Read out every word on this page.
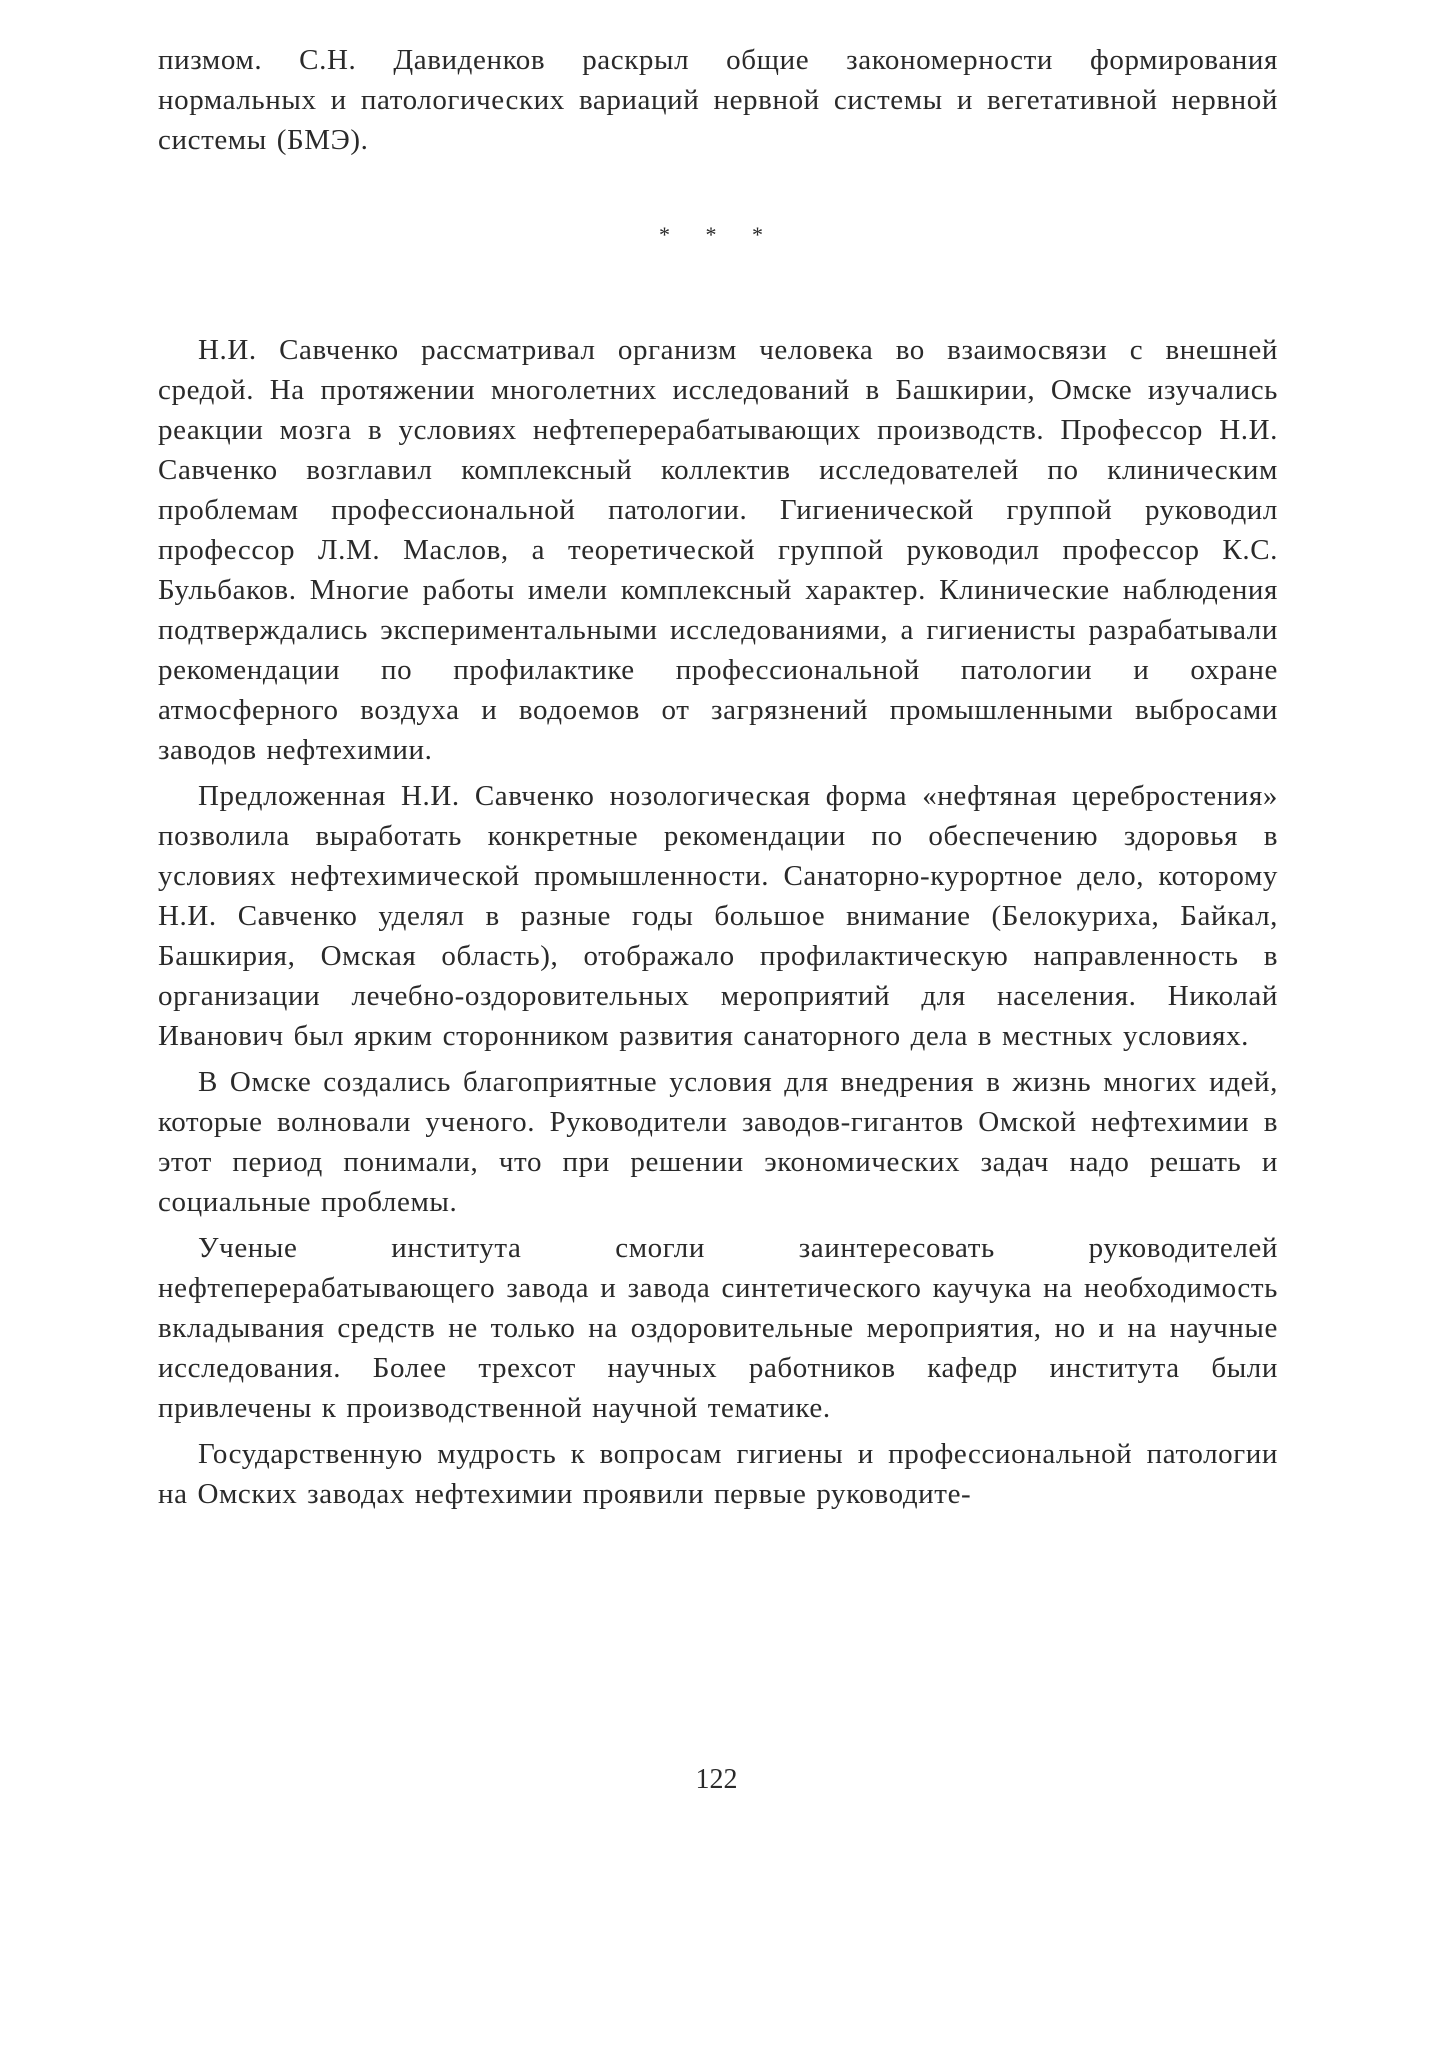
пизмом. С.Н. Давиденков раскрыл общие закономерности формирования нормальных и патологических вариаций нервной системы и вегетативной нервной системы (БМЭ).

* * *

Н.И. Савченко рассматривал организм человека во взаимосвязи с внешней средой. На протяжении многолетних исследований в Башкирии, Омске изучались реакции мозга в условиях нефтеперерабатывающих производств. Профессор Н.И. Савченко возглавил комплексный коллектив исследователей по клиническим проблемам профессиональной патологии. Гигиенической группой руководил профессор Л.М. Маслов, а теоретической группой руководил профессор К.С. Бульбаков. Многие работы имели комплексный характер. Клинические наблюдения подтверждались экспериментальными исследованиями, а гигиенисты разрабатывали рекомендации по профилактике профессиональной патологии и охране атмосферного воздуха и водоемов от загрязнений промышленными выбросами заводов нефтехимии.

Предложенная Н.И. Савченко нозологическая форма «нефтяная церебростения» позволила выработать конкретные рекомендации по обеспечению здоровья в условиях нефтехимической промышленности. Санаторно-курортное дело, которому Н.И. Савченко уделял в разные годы большое внимание (Белокуриха, Байкал, Башкирия, Омская область), отображало профилактическую направленность в организации лечебно-оздоровительных мероприятий для населения. Николай Иванович был ярким сторонником развития санаторного дела в местных условиях.

В Омске создались благоприятные условия для внедрения в жизнь многих идей, которые волновали ученого. Руководители заводов-гигантов Омской нефтехимии в этот период понимали, что при решении экономических задач надо решать и социальные проблемы.

Ученые института смогли заинтересовать руководителей нефтеперерабатывающего завода и завода синтетического каучука на необходимость вкладывания средств не только на оздоровительные мероприятия, но и на научные исследования. Более трехсот научных работников кафедр института были привлечены к производственной научной тематике.

Государственную мудрость к вопросам гигиены и профессиональной патологии на Омских заводах нефтехимии проявили первые руководите-

122
